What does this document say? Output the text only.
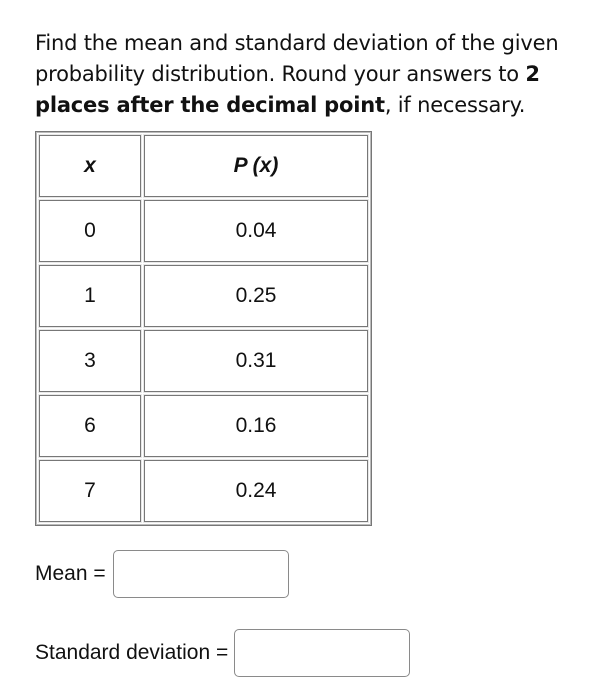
Find the mean and standard deviation of the given probability distribution. Round your answers to 2 places after the decimal point, if necessary.
x	P (x)
0	0.04
1	0.25
3	0.31
6	0.16
7	0.24
Mean =
Standard deviation =
